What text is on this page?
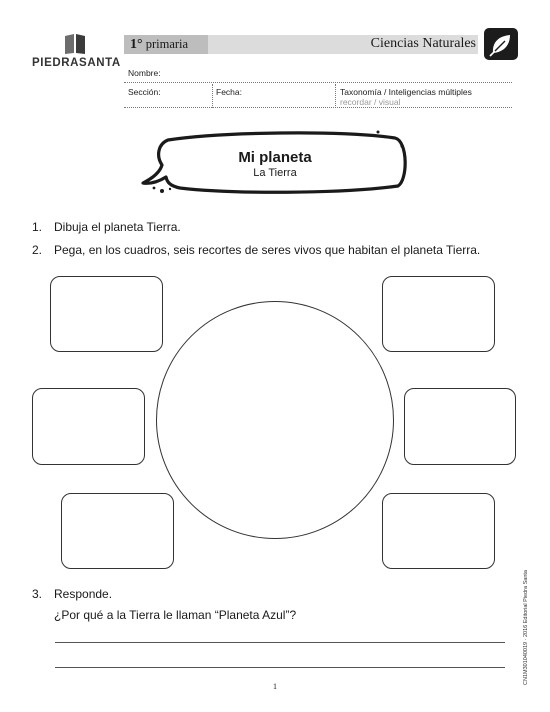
PIEDRASANTA
1° primaria	Ciencias Naturales
Nombre:
Sección:	Fecha:	Taxonomía / Inteligencias múltiples
recordar / visual
Mi planeta
La Tierra
1. Dibuja el planeta Tierra.
2. Pega, en los cuadros, seis recortes de seres vivos que habitan el planeta Tierra.
3. Responde.
¿Por qué a la Tierra le llaman “Planeta Azul”?	CN1M301040019 · 2016 Editorial Piedra Santa
1
